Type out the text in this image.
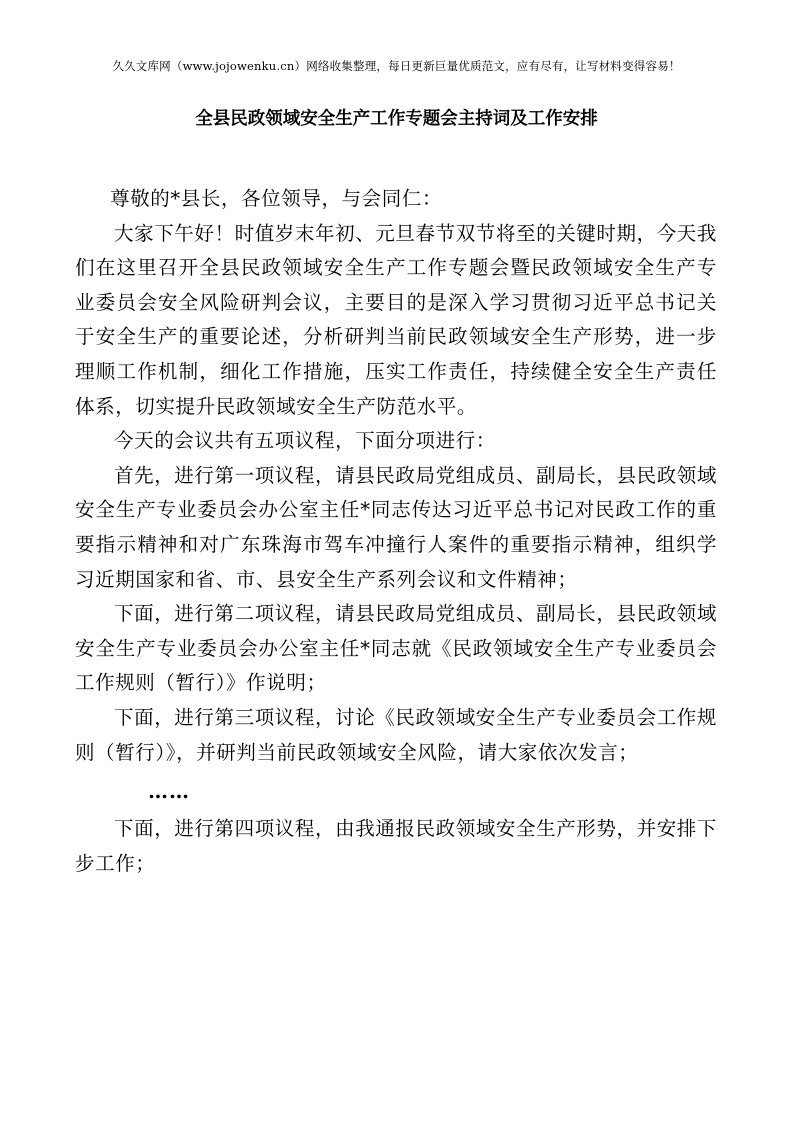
久久文库网（www.jojowenku.cn）网络收集整理，每日更新巨量优质范文，应有尽有，让写材料变得容易！
全县民政领域安全生产工作专题会主持词及工作安排

尊敬的*县长，各位领导，与会同仁：

大家下午好！时值岁末年初、元旦春节双节将至的关键时期，今天我们在这里召开全县民政领域安全生产工作专题会暨民政领域安全生产专业委员会安全风险研判会议，主要目的是深入学习贯彻习近平总书记关于安全生产的重要论述，分析研判当前民政领域安全生产形势，进一步理顺工作机制，细化工作措施，压实工作责任，持续健全安全生产责任体系，切实提升民政领域安全生产防范水平。

今天的会议共有五项议程，下面分项进行：

首先，进行第一项议程，请县民政局党组成员、副局长，县民政领域安全生产专业委员会办公室主任*同志传达习近平总书记对民政工作的重要指示精神和对广东珠海市驾车冲撞行人案件的重要指示精神，组织学习近期国家和省、市、县安全生产系列会议和文件精神；

下面，进行第二项议程，请县民政局党组成员、副局长，县民政领域安全生产专业委员会办公室主任*同志就《民政领域安全生产专业委员会工作规则（暂行）》作说明；

下面，进行第三项议程，讨论《民政领域安全生产专业委员会工作规则（暂行）》，并研判当前民政领域安全风险，请大家依次发言；

……

下面，进行第四项议程，由我通报民政领域安全生产形势，并安排下步工作；
